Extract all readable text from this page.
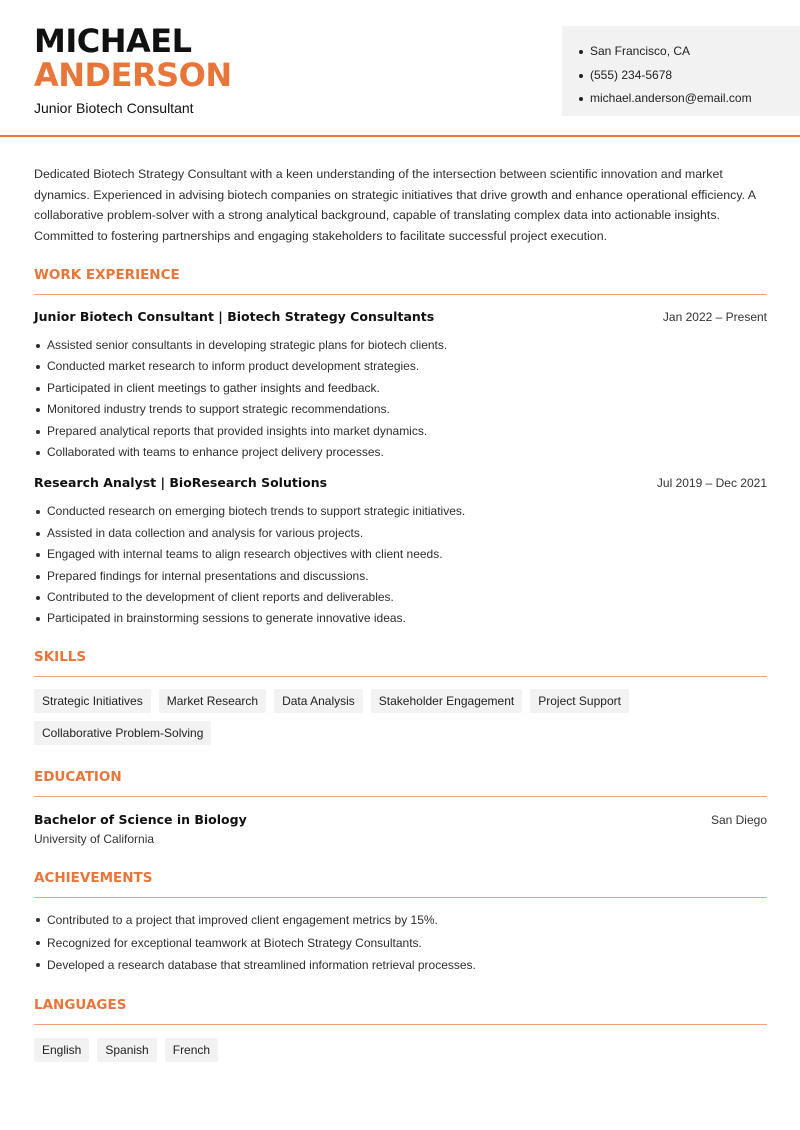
MICHAEL
ANDERSON
Junior Biotech Consultant
San Francisco, CA
(555) 234-5678
michael.anderson@email.com

Dedicated Biotech Strategy Consultant with a keen understanding of the intersection between scientific innovation and market dynamics. Experienced in advising biotech companies on strategic initiatives that drive growth and enhance operational efficiency. A collaborative problem-solver with a strong analytical background, capable of translating complex data into actionable insights. Committed to fostering partnerships and engaging stakeholders to facilitate successful project execution.

WORK EXPERIENCE
Junior Biotech Consultant | Biotech Strategy Consultants	Jan 2022 – Present
Assisted senior consultants in developing strategic plans for biotech clients.
Conducted market research to inform product development strategies.
Participated in client meetings to gather insights and feedback.
Monitored industry trends to support strategic recommendations.
Prepared analytical reports that provided insights into market dynamics.
Collaborated with teams to enhance project delivery processes.
Research Analyst | BioResearch Solutions	Jul 2019 – Dec 2021
Conducted research on emerging biotech trends to support strategic initiatives.
Assisted in data collection and analysis for various projects.
Engaged with internal teams to align research objectives with client needs.
Prepared findings for internal presentations and discussions.
Contributed to the development of client reports and deliverables.
Participated in brainstorming sessions to generate innovative ideas.
SKILLS
Strategic Initiatives	Market Research	Data Analysis	Stakeholder Engagement	Project Support
Collaborative Problem-Solving
EDUCATION
Bachelor of Science in Biology	San Diego
University of California
ACHIEVEMENTS
Contributed to a project that improved client engagement metrics by 15%.
Recognized for exceptional teamwork at Biotech Strategy Consultants.
Developed a research database that streamlined information retrieval processes.
LANGUAGES
English	Spanish	French
